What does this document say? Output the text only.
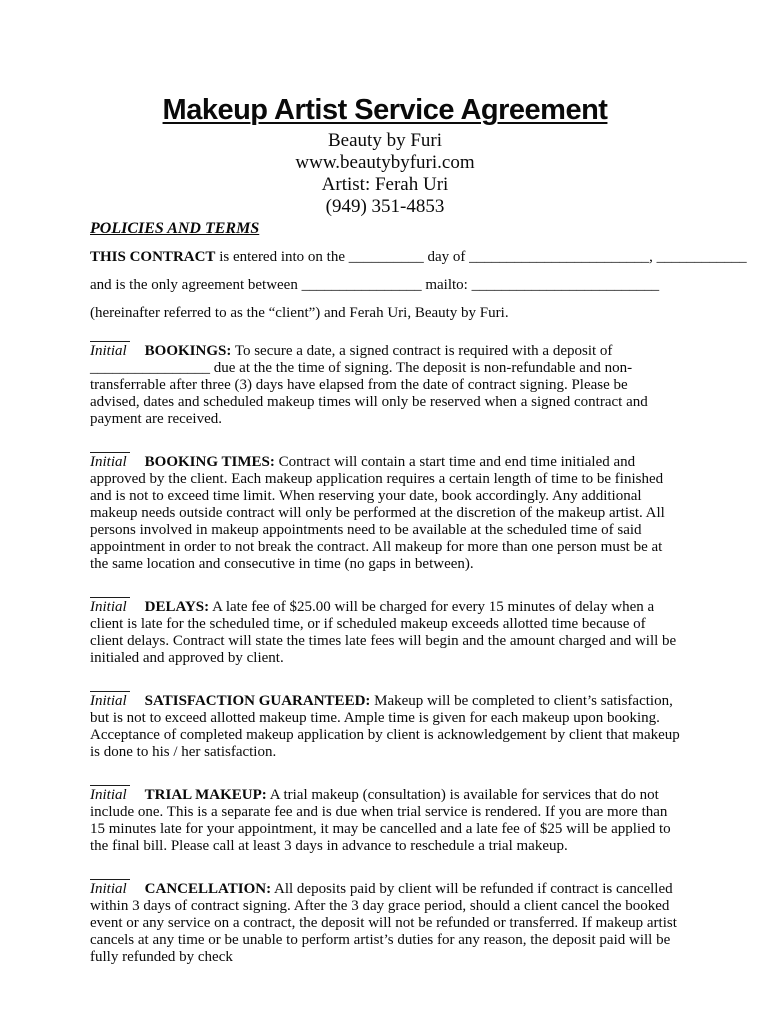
Makeup Artist Service Agreement
Beauty by Furi
www.beautybyfuri.com
Artist: Ferah Uri
(949) 351-4853
POLICIES AND TERMS
THIS CONTRACT is entered into on the __________ day of ________________________, ____________
and is the only agreement between ________________ mailto: _________________________
(hereinafter referred to as the “client”) and Ferah Uri, Beauty by Furi.

Initial BOOKINGS: To secure a date, a signed contract is required with a deposit of ________________ due at the the time of signing. The deposit is non-refundable and non-transferrable after three (3) days have elapsed from the date of contract signing. Please be advised, dates and scheduled makeup times will only be reserved when a signed contract and payment are received.

Initial BOOKING TIMES: Contract will contain a start time and end time initialed and approved by the client. Each makeup application requires a certain length of time to be finished and is not to exceed time limit. When reserving your date, book accordingly. Any additional makeup needs outside contract will only be performed at the discretion of the makeup artist. All persons involved in makeup appointments need to be available at the scheduled time of said appointment in order to not break the contract. All makeup for more than one person must be at the same location and consecutive in time (no gaps in between).

Initial DELAYS: A late fee of $25.00 will be charged for every 15 minutes of delay when a client is late for the scheduled time, or if scheduled makeup exceeds allotted time because of client delays. Contract will state the times late fees will begin and the amount charged and will be initialed and approved by client.

Initial SATISFACTION GUARANTEED: Makeup will be completed to client’s satisfaction, but is not to exceed allotted makeup time. Ample time is given for each makeup upon booking. Acceptance of completed makeup application by client is acknowledgement by client that makeup is done to his / her satisfaction.

Initial TRIAL MAKEUP: A trial makeup (consultation) is available for services that do not include one. This is a separate fee and is due when trial service is rendered. If you are more than 15 minutes late for your appointment, it may be cancelled and a late fee of $25 will be applied to the final bill. Please call at least 3 days in advance to reschedule a trial makeup.

Initial CANCELLATION: All deposits paid by client will be refunded if contract is cancelled within 3 days of contract signing. After the 3 day grace period, should a client cancel the booked event or any service on a contract, the deposit will not be refunded or transferred. If makeup artist cancels at any time or be unable to perform artist’s duties for any reason, the deposit paid will be fully refunded by check
